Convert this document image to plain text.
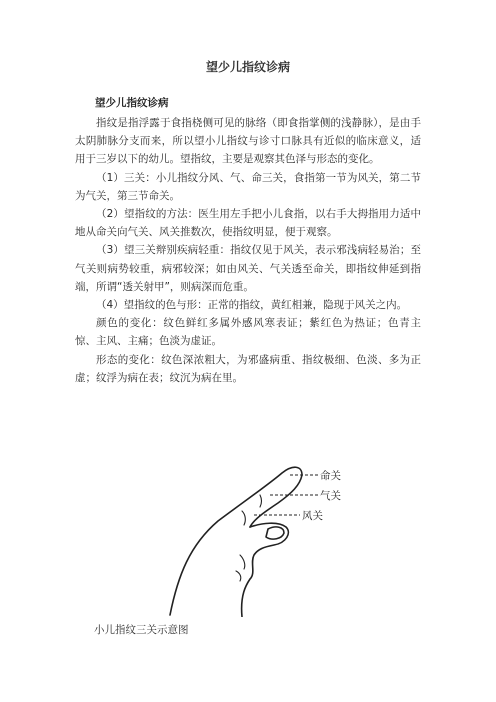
望少儿指纹诊病
望少儿指纹诊病

指纹是指浮露于食指桡侧可见的脉络（即食指掌侧的浅静脉），是由手太阴肺脉分支而来，所以望小儿指纹与诊寸口脉具有近似的临床意义，适用于三岁以下的幼儿。望指纹，主要是观察其色泽与形态的变化。

（1）三关：小儿指纹分风、气、命三关，食指第一节为风关，第二节为气关，第三节命关。

（2）望指纹的方法：医生用左手把小儿食指，以右手大拇指用力适中地从命关向气关、风关推数次，使指纹明显，便于观察。

（3）望三关辩别疾病轻重：指纹仅见于风关，表示邪浅病轻易治；至气关则病势较重，病邪较深；如由风关、气关透至命关，即指纹伸延到指端，所谓“透关射甲”，则病深而危重。

（4）望指纹的色与形：正常的指纹，黄红相兼，隐现于风关之内。

颜色的变化：纹色鲜红多属外感风寒表证；紫红色为热证；色青主惊、主风、主痛；色淡为虚证。

形态的变化：纹色深浓粗大，为邪盛病重、指纹极细、色淡、多为正虚；纹浮为病在表；纹沉为病在里。

命关
气关
风关
小儿指纹三关示意图
